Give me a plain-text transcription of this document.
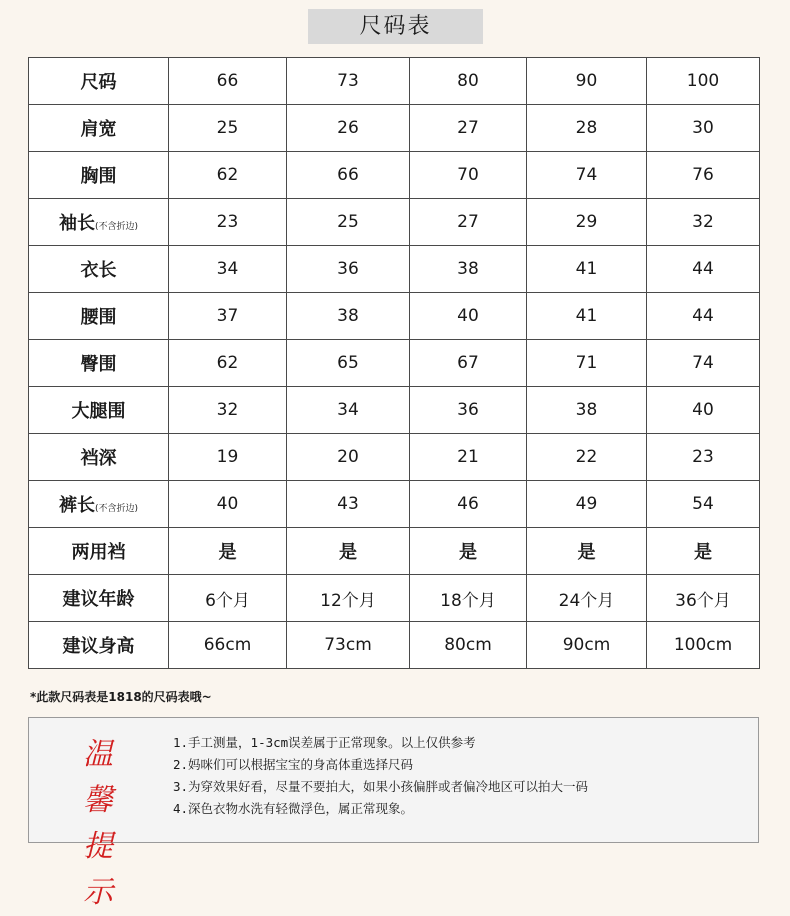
尺码表
尺码	66	73	80	90	100
肩宽	25	26	27	28	30
胸围	62	66	70	74	76
袖长(不含折边)	23	25	27	29	32
衣长	34	36	38	41	44
腰围	37	38	40	41	44
臀围	62	65	67	71	74
大腿围	32	34	36	38	40
裆深	19	20	21	22	23
裤长(不含折边)	40	43	46	49	54
两用裆	是	是	是	是	是
建议年龄	6个月	12个月	18个月	24个月	36个月
建议身高	66cm	73cm	80cm	90cm	100cm
*此款尺码表是1818的尺码表哦~
温馨
提示
1.手工测量，1-3cm误差属于正常现象。以上仅供参考
2.妈咪们可以根据宝宝的身高体重选择尺码
3.为穿效果好看，尽量不要拍大，如果小孩偏胖或者偏冷地区可以拍大一码
4.深色衣物水洗有轻微浮色，属正常现象。
